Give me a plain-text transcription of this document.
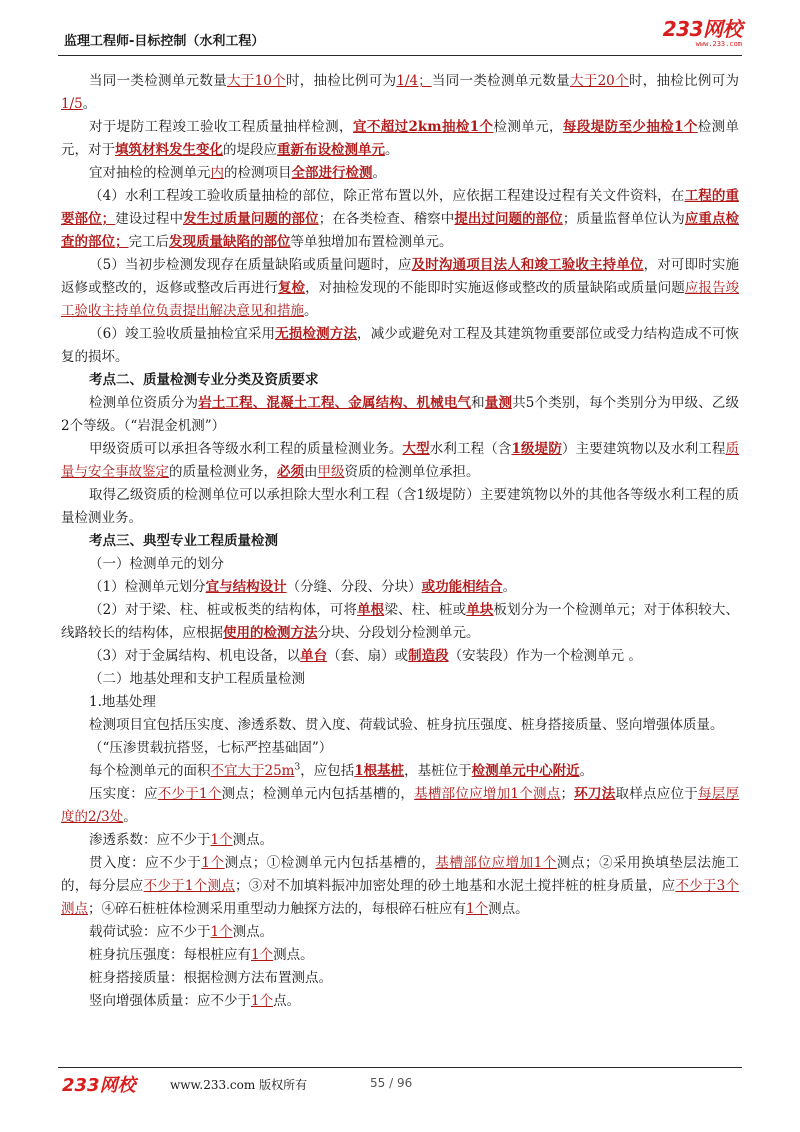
监理工程师-目标控制（水利工程）
233网校
www.233.com

当同一类检测单元数量大于10个时，抽检比例可为1/4；当同一类检测单元数量大于20个时，抽检比例可为1/5。

对于堤防工程竣工验收工程质量抽样检测，宜不超过2km抽检1个检测单元，每段堤防至少抽检1个检测单元，对于填筑材料发生变化的堤段应重新布设检测单元。

宜对抽检的检测单元内的检测项目全部进行检测。

（4）水利工程竣工验收质量抽检的部位，除正常布置以外，应依据工程建设过程有关文件资料，在工程的重要部位；建设过程中发生过质量问题的部位；在各类检查、稽察中提出过问题的部位；质量监督单位认为应重点检查的部位；完工后发现质量缺陷的部位等单独增加布置检测单元。

（5）当初步检测发现存在质量缺陷或质量问题时，应及时沟通项目法人和竣工验收主持单位，对可即时实施返修或整改的，返修或整改后再进行复检，对抽检发现的不能即时实施返修或整改的质量缺陷或质量问题应报告竣工验收主持单位负责提出解决意见和措施。

（6）竣工验收质量抽检宜采用无损检测方法，减少或避免对工程及其建筑物重要部位或受力结构造成不可恢复的损坏。

考点二、质量检测专业分类及资质要求

检测单位资质分为岩土工程、混凝土工程、金属结构、机械电气和量测共5个类别，每个类别分为甲级、乙级2个等级。（“岩混金机测”）

甲级资质可以承担各等级水利工程的质量检测业务。大型水利工程（含1级堤防）主要建筑物以及水利工程质量与安全事故鉴定的质量检测业务，必须由甲级资质的检测单位承担。

取得乙级资质的检测单位可以承担除大型水利工程（含1级堤防）主要建筑物以外的其他各等级水利工程的质量检测业务。

考点三、典型专业工程质量检测

（一）检测单元的划分

（1）检测单元划分宜与结构设计（分缝、分段、分块）或功能相结合。

（2）对于梁、柱、桩或板类的结构体，可将单根梁、柱、桩或单块板划分为一个检测单元；对于体积较大、线路较长的结构体，应根据使用的检测方法分块、分段划分检测单元。

（3）对于金属结构、机电设备，以单台（套、扇）或制造段（安装段）作为一个检测单元 。

（二）地基处理和支护工程质量检测

1.地基处理

检测项目宜包括压实度、渗透系数、贯入度、荷载试验、桩身抗压强度、桩身搭接质量、竖向增强体质量。

（“压渗贯载抗搭竖，七标严控基础固”）

每个检测单元的面积不宜大于$25m^3$，应包括1根基桩，基桩位于检测单元中心附近。

压实度：应不少于1个测点；检测单元内包括基槽的，基槽部位应增加1个测点；环刀法取样点应位于每层厚度的2/3处。

渗透系数：应不少于1个测点。

贯入度：应不少于1个测点；①检测单元内包括基槽的，基槽部位应增加1个测点；②采用换填垫层法施工的，每分层应不少于1个测点；③对不加填料振冲加密处理的砂土地基和水泥土搅拌桩的桩身质量，应不少于3个测点；④碎石桩桩体检测采用重型动力触探方法的，每根碎石桩应有1个测点。

载荷试验：应不少于1个测点。

桩身抗压强度：每根桩应有1个测点。

桩身搭接质量：根据检测方法布置测点。

竖向增强体质量：应不少于1个点。

233网校	www.233.com 版权所有	55 / 96
